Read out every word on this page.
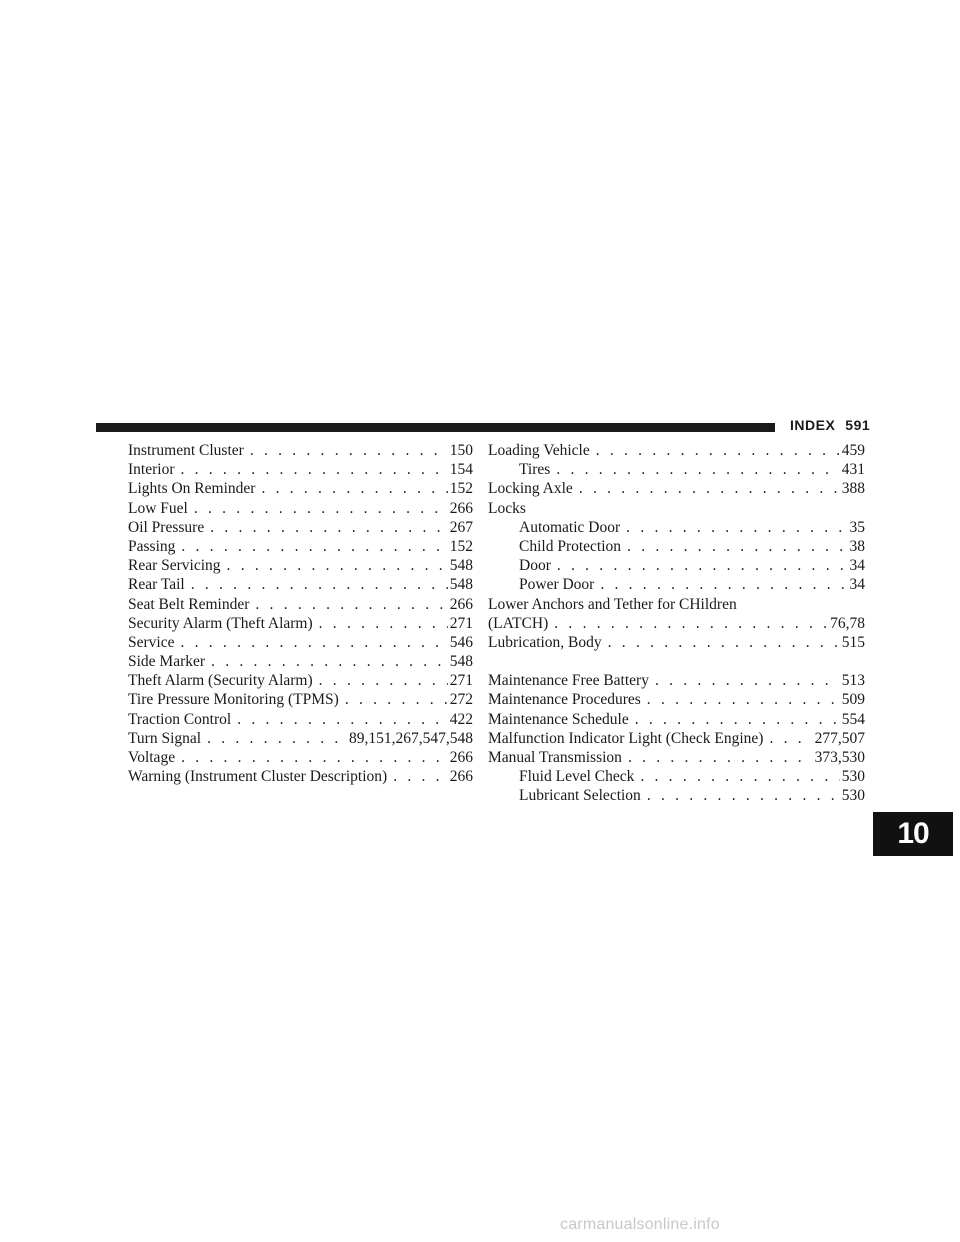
INDEX 591
Instrument Cluster . . .	150
Interior . . .	154
Lights On Reminder . . .	152
Low Fuel . . .	266
Oil Pressure . . .	267
Passing . . .	152
Rear Servicing . . .	548
Rear Tail . . .	548
Seat Belt Reminder . . .	266
Security Alarm (Theft Alarm) . . .	271
Service . . .	546
Side Marker . . .	548
Theft Alarm (Security Alarm) . . .	271
Tire Pressure Monitoring (TPMS) . . .	272
Traction Control . . .	422
Turn Signal . . .	89,151,267,547,548
Voltage . . .	266
Warning (Instrument Cluster Description) . . .	266
Loading Vehicle . . .	459
Tires . . .	431
Locking Axle . . .	388
Locks
Automatic Door . . .	35
Child Protection . . .	38
Door . . .	34
Power Door . . .	34
Lower Anchors and Tether for CHildren
(LATCH) . . .	76,78
Lubrication, Body . . .	515
Maintenance Free Battery . . .	513
Maintenance Procedures . . .	509
Maintenance Schedule . . .	554
Malfunction Indicator Light (Check Engine) . . .	277,507
Manual Transmission . . .	373,530
Fluid Level Check . . .	530
Lubricant Selection . . .	530
10
carmanualsonline.info
